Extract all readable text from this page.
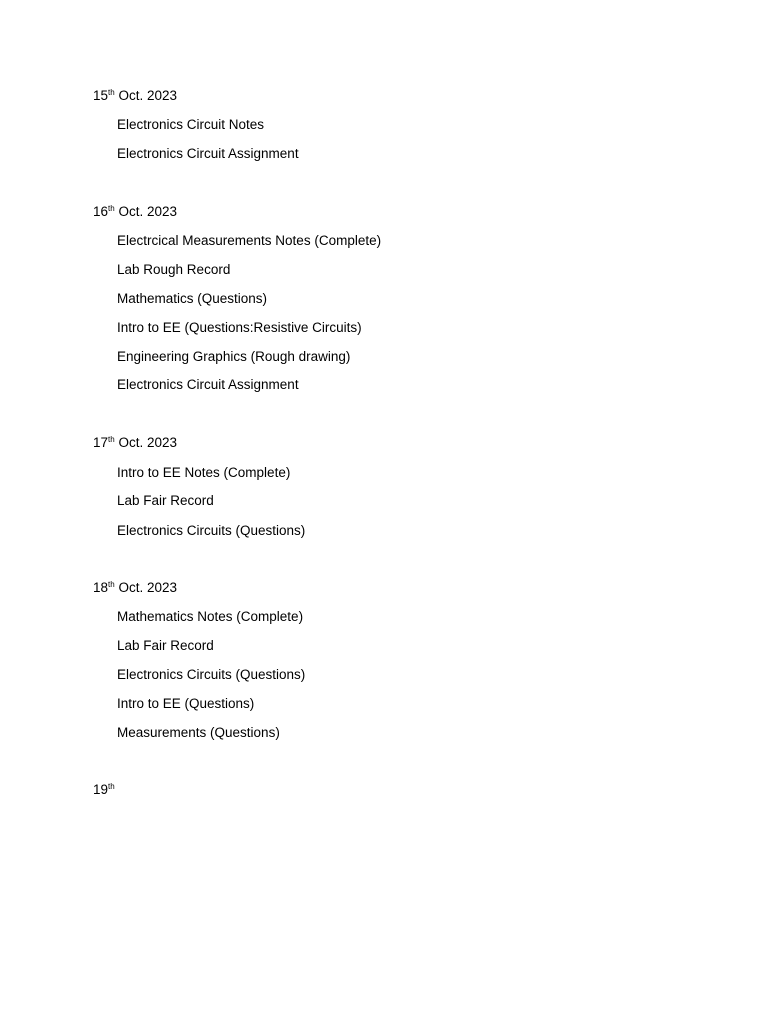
15th Oct. 2023
Electronics Circuit Notes
Electronics Circuit Assignment
16th Oct. 2023
Electrcical Measurements Notes (Complete)
Lab Rough Record
Mathematics (Questions)
Intro to EE (Questions:Resistive Circuits)
Engineering Graphics (Rough drawing)
Electronics Circuit Assignment
17th Oct. 2023
Intro to EE Notes (Complete)
Lab Fair Record
Electronics Circuits (Questions)
18th Oct. 2023
Mathematics Notes (Complete)
Lab Fair Record
Electronics Circuits (Questions)
Intro to EE (Questions)
Measurements (Questions)
19th
